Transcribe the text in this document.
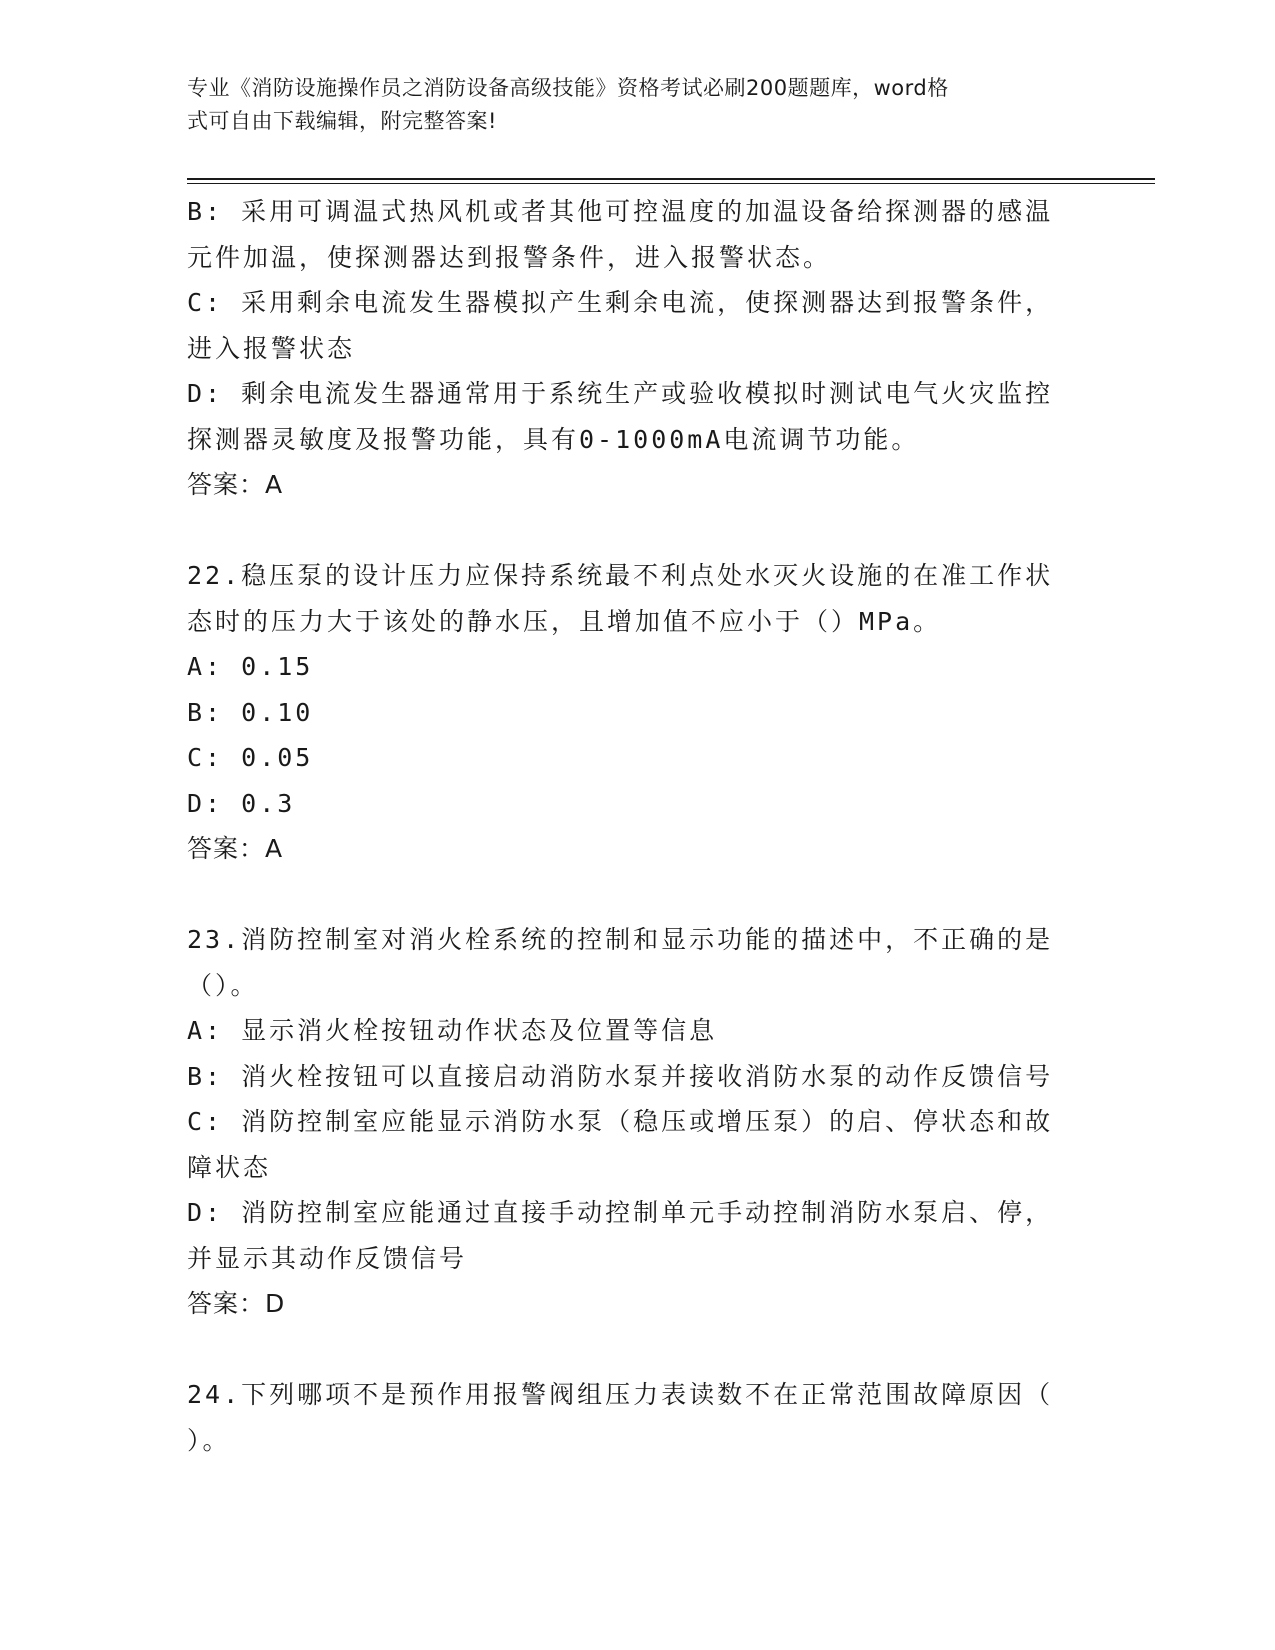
专业《消防设施操作员之消防设备高级技能》资格考试必刷200题题库，word格
式可自由下载编辑，附完整答案!
B: 采用可调温式热风机或者其他可控温度的加温设备给探测器的感温
元件加温，使探测器达到报警条件，进入报警状态。
C: 采用剩余电流发生器模拟产生剩余电流，使探测器达到报警条件，
进入报警状态
D: 剩余电流发生器通常用于系统生产或验收模拟时测试电气火灾监控
探测器灵敏度及报警功能，具有0-1000mA电流调节功能。
答案：A
22.稳压泵的设计压力应保持系统最不利点处水灭火设施的在准工作状
态时的压力大于该处的静水压，且增加值不应小于（）MPa。
A: 0.15
B: 0.10
C: 0.05
D: 0.3
答案：A
23.消防控制室对消火栓系统的控制和显示功能的描述中，不正确的是
（）。
A: 显示消火栓按钮动作状态及位置等信息
B: 消火栓按钮可以直接启动消防水泵并接收消防水泵的动作反馈信号
C: 消防控制室应能显示消防水泵（稳压或增压泵）的启、停状态和故
障状态
D: 消防控制室应能通过直接手动控制单元手动控制消防水泵启、停，
并显示其动作反馈信号
答案：D
24.下列哪项不是预作用报警阀组压力表读数不在正常范围故障原因（
）。
